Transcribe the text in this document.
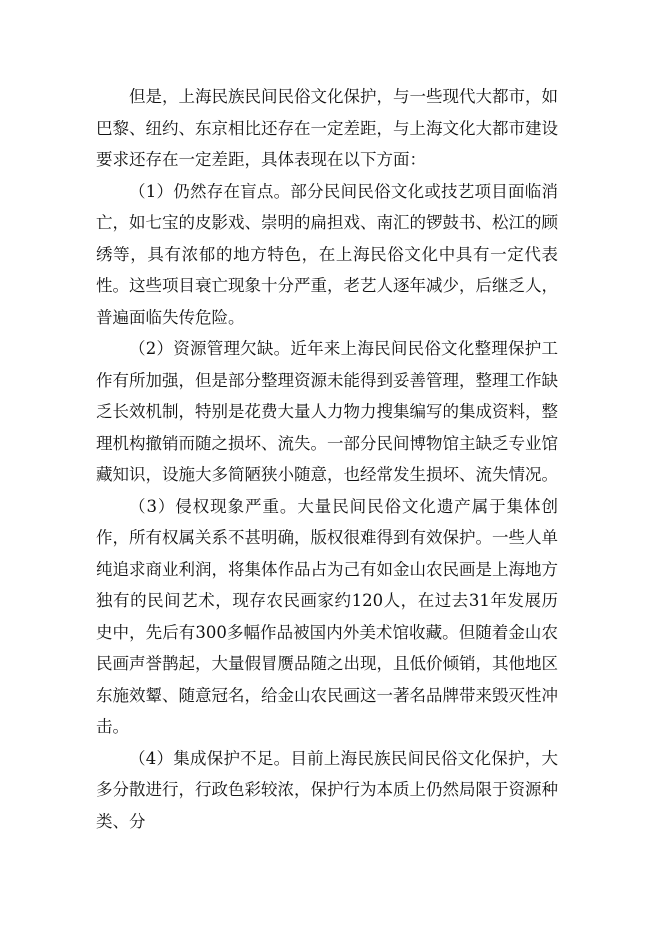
但是，上海民族民间民俗文化保护，与一些现代大都市，如巴黎、纽约、东京相比还存在一定差距，与上海文化大都市建设要求还存在一定差距，具体表现在以下方面：

（1）仍然存在盲点。部分民间民俗文化或技艺项目面临消亡，如七宝的皮影戏、崇明的扁担戏、南汇的锣鼓书、松江的顾绣等，具有浓郁的地方特色，在上海民俗文化中具有一定代表性。这些项目衰亡现象十分严重，老艺人逐年减少，后继乏人，普遍面临失传危险。

（2）资源管理欠缺。近年来上海民间民俗文化整理保护工作有所加强，但是部分整理资源未能得到妥善管理，整理工作缺乏长效机制，特别是花费大量人力物力搜集编写的集成资料，整理机构撤销而随之损坏、流失。一部分民间博物馆主缺乏专业馆藏知识，设施大多简陋狭小随意，也经常发生损坏、流失情况。

（3）侵权现象严重。大量民间民俗文化遗产属于集体创作，所有权属关系不甚明确，版权很难得到有效保护。一些人单纯追求商业利润，将集体作品占为己有如金山农民画是上海地方独有的民间艺术，现存农民画家约120人，在过去31年发展历史中，先后有300多幅作品被国内外美术馆收藏。但随着金山农民画声誉鹊起，大量假冒赝品随之出现，且低价倾销，其他地区东施效颦、随意冠名，给金山农民画这一著名品牌带来毁灭性冲击。

（4）集成保护不足。目前上海民族民间民俗文化保护，大多分散进行，行政色彩较浓，保护行为本质上仍然局限于资源种类、分
